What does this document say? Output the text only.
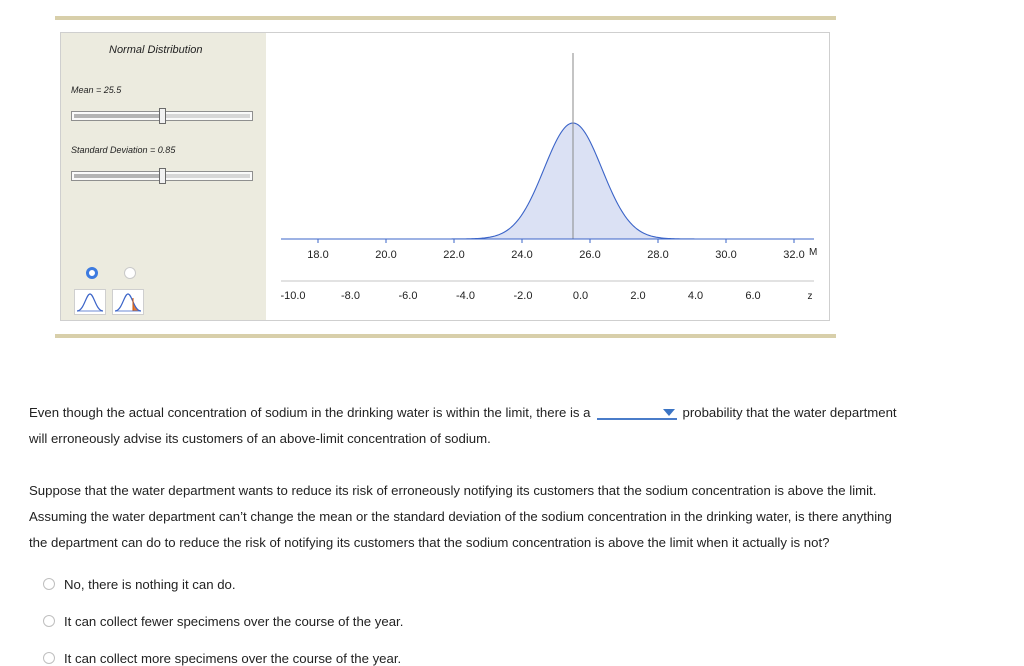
Normal Distribution
Mean = 25.5
Standard Deviation = 0.85
18.0	20.0	22.0	24.0	26.0	28.0	30.0	32.0 M
-10.0	-8.0	-6.0	-4.0	-2.0	0.0	2.0	4.0	6.0	z
Even though the actual concentration of sodium in the drinking water is within the limit, there is a	probability that the water department
will erroneously advise its customers of an above-limit concentration of sodium.
Suppose that the water department wants to reduce its risk of erroneously notifying its customers that the sodium concentration is above the limit.
Assuming the water department can’t change the mean or the standard deviation of the sodium concentration in the drinking water, is there anything
the department can do to reduce the risk of notifying its customers that the sodium concentration is above the limit when it actually is not?
No, there is nothing it can do.
It can collect fewer specimens over the course of the year.
It can collect more specimens over the course of the year.
